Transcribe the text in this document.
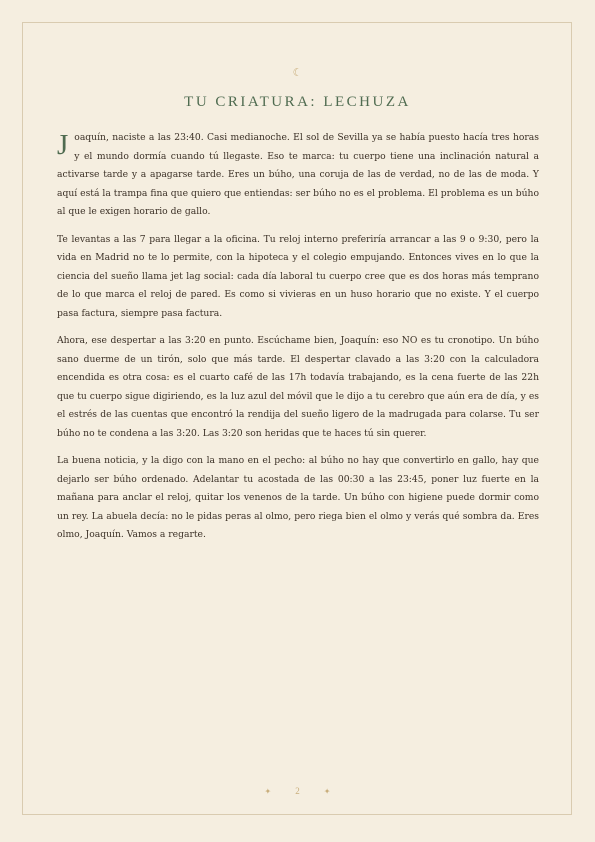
☾
TU CRIATURA: LECHUZA

Joaquín, naciste a las 23:40. Casi medianoche. El sol de Sevilla ya se había puesto hacía tres horas y el mundo dormía cuando tú llegaste. Eso te marca: tu cuerpo tiene una inclinación natural a activarse tarde y a apagarse tarde. Eres un búho, una coruja de las de verdad, no de las de moda. Y aquí está la trampa fina que quiero que entiendas: ser búho no es el problema. El problema es un búho al que le exigen horario de gallo.

Te levantas a las 7 para llegar a la oficina. Tu reloj interno preferiría arrancar a las 9 o 9:30, pero la vida en Madrid no te lo permite, con la hipoteca y el colegio empujando. Entonces vives en lo que la ciencia del sueño llama jet lag social: cada día laboral tu cuerpo cree que es dos horas más temprano de lo que marca el reloj de pared. Es como si vivieras en un huso horario que no existe. Y el cuerpo pasa factura, siempre pasa factura.

Ahora, ese despertar a las 3:20 en punto. Escúchame bien, Joaquín: eso NO es tu cronotipo. Un búho sano duerme de un tirón, solo que más tarde. El despertar clavado a las 3:20 con la calculadora encendida es otra cosa: es el cuarto café de las 17h todavía trabajando, es la cena fuerte de las 22h que tu cuerpo sigue digiriendo, es la luz azul del móvil que le dijo a tu cerebro que aún era de día, y es el estrés de las cuentas que encontró la rendija del sueño ligero de la madrugada para colarse. Tu ser búho no te condena a las 3:20. Las 3:20 son heridas que te haces tú sin querer.

La buena noticia, y la digo con la mano en el pecho: al búho no hay que convertirlo en gallo, hay que dejarlo ser búho ordenado. Adelantar tu acostada de las 00:30 a las 23:45, poner luz fuerte en la mañana para anclar el reloj, quitar los venenos de la tarde. Un búho con higiene puede dormir como un rey. La abuela decía: no le pidas peras al olmo, pero riega bien el olmo y verás qué sombra da. Eres olmo, Joaquín. Vamos a regarte.

✦	2	✦
